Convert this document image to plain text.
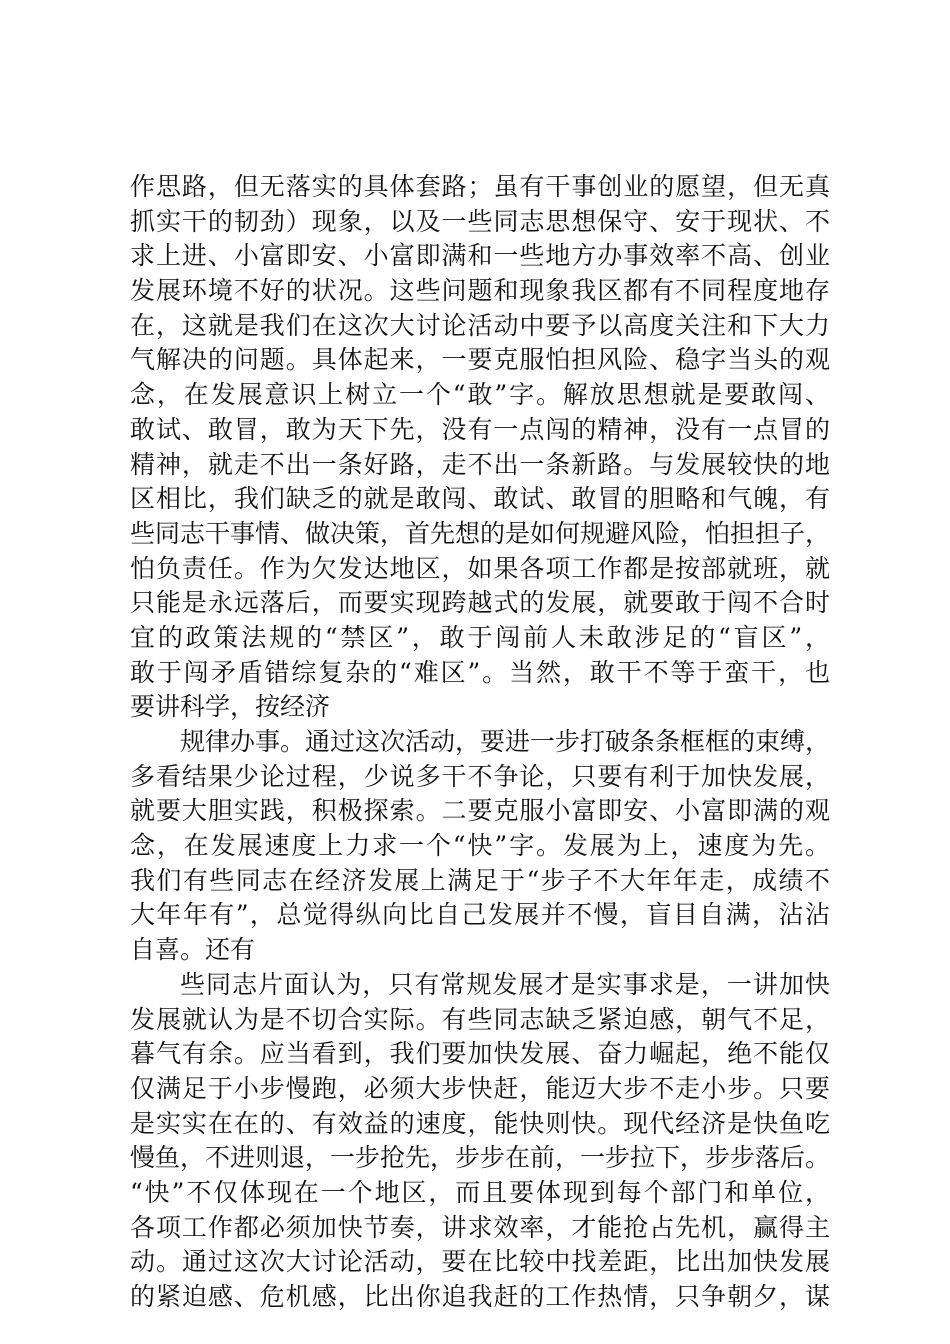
作思路，但无落实的具体套路；虽有干事创业的愿望，但无真
抓实干的韧劲）现象，以及一些同志思想保守、安于现状、不
求上进、小富即安、小富即满和一些地方办事效率不高、创业
发展环境不好的状况。这些问题和现象我区都有不同程度地存
在，这就是我们在这次大讨论活动中要予以高度关注和下大力
气解决的问题。具体起来，一要克服怕担风险、稳字当头的观
念，在发展意识上树立一个“敢”字。解放思想就是要敢闯、
敢试、敢冒，敢为天下先，没有一点闯的精神，没有一点冒的
精神，就走不出一条好路，走不出一条新路。与发展较快的地
区相比，我们缺乏的就是敢闯、敢试、敢冒的胆略和气魄，有
些同志干事情、做决策，首先想的是如何规避风险，怕担担子，
怕负责任。作为欠发达地区，如果各项工作都是按部就班，就
只能是永远落后，而要实现跨越式的发展，就要敢于闯不合时
宜的政策法规的“禁区”，敢于闯前人未敢涉足的“盲区”，
敢于闯矛盾错综复杂的“难区”。当然，敢干不等于蛮干，也
要讲科学，按经济
规律办事。通过这次活动，要进一步打破条条框框的束缚，
多看结果少论过程，少说多干不争论，只要有利于加快发展，
就要大胆实践，积极探索。二要克服小富即安、小富即满的观
念，在发展速度上力求一个“快”字。发展为上，速度为先。
我们有些同志在经济发展上满足于“步子不大年年走，成绩不
大年年有”，总觉得纵向比自己发展并不慢，盲目自满，沾沾
自喜。还有
些同志片面认为，只有常规发展才是实事求是，一讲加快
发展就认为是不切合实际。有些同志缺乏紧迫感，朝气不足，
暮气有余。应当看到，我们要加快发展、奋力崛起，绝不能仅
仅满足于小步慢跑，必须大步快赶，能迈大步不走小步。只要
是实实在在的、有效益的速度，能快则快。现代经济是快鱼吃
慢鱼，不进则退，一步抢先，步步在前，一步拉下，步步落后。
“快”不仅体现在一个地区，而且要体现到每个部门和单位，
各项工作都必须加快节奏，讲求效率，才能抢占先机，赢得主
动。通过这次大讨论活动，要在比较中找差距，比出加快发展
的紧迫感、危机感，比出你追我赶的工作热情，只争朝夕，谋
